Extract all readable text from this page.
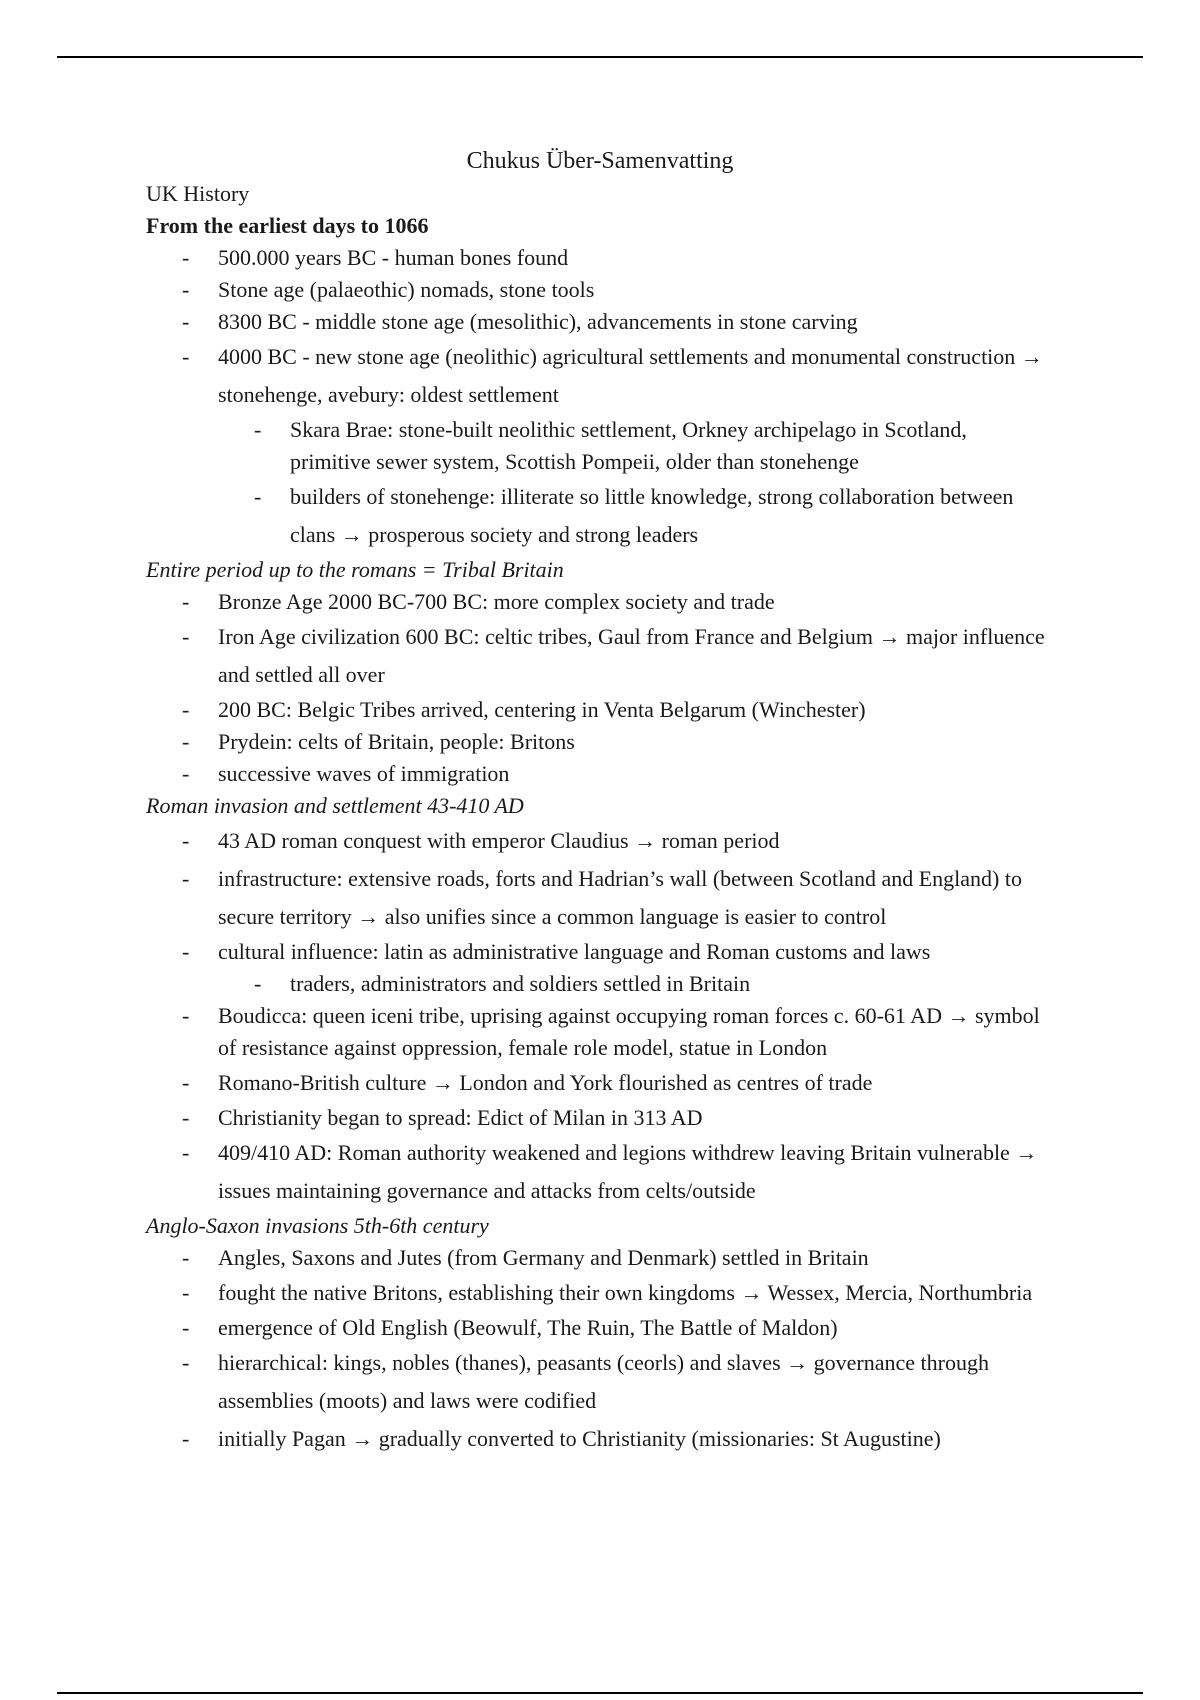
Chukus Über-Samenvatting

UK History

From the earliest days to 1066

- 500.000 years BC - human bones found
- Stone age (palaeothic) nomads, stone tools
- 8300 BC - middle stone age (mesolithic), advancements in stone carving
- 4000 BC - new stone age (neolithic) agricultural settlements and monumental construction → stonehenge, avebury: oldest settlement
- Skara Brae: stone-built neolithic settlement, Orkney archipelago in Scotland, primitive sewer system, Scottish Pompeii, older than stonehenge
- builders of stonehenge: illiterate so little knowledge, strong collaboration between clans → prosperous society and strong leaders

Entire period up to the romans = Tribal Britain

- Bronze Age 2000 BC-700 BC: more complex society and trade
- Iron Age civilization 600 BC: celtic tribes, Gaul from France and Belgium → major influence and settled all over
- 200 BC: Belgic Tribes arrived, centering in Venta Belgarum (Winchester)
- Prydein: celts of Britain, people: Britons
- successive waves of immigration

Roman invasion and settlement 43-410 AD

- 43 AD roman conquest with emperor Claudius → roman period
- infrastructure: extensive roads, forts and Hadrian’s wall (between Scotland and England) to secure territory → also unifies since a common language is easier to control
- cultural influence: latin as administrative language and Roman customs and laws
- traders, administrators and soldiers settled in Britain
- Boudicca: queen iceni tribe, uprising against occupying roman forces c. 60-61 AD → symbol of resistance against oppression, female role model, statue in London
- Romano-British culture → London and York flourished as centres of trade
- Christianity began to spread: Edict of Milan in 313 AD
- 409/410 AD: Roman authority weakened and legions withdrew leaving Britain vulnerable → issues maintaining governance and attacks from celts/outside

Anglo-Saxon invasions 5th-6th century

- Angles, Saxons and Jutes (from Germany and Denmark) settled in Britain
- fought the native Britons, establishing their own kingdoms → Wessex, Mercia, Northumbria
- emergence of Old English (Beowulf, The Ruin, The Battle of Maldon)
- hierarchical: kings, nobles (thanes), peasants (ceorls) and slaves → governance through assemblies (moots) and laws were codified
- initially Pagan → gradually converted to Christianity (missionaries: St Augustine)
